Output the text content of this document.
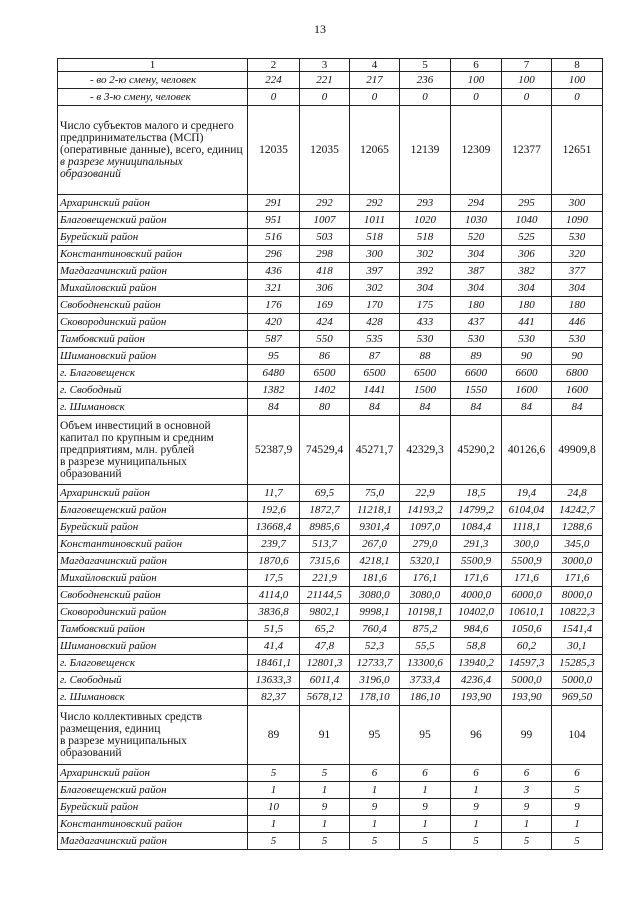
13
1	2	3	4	5	6	7	8
- во 2-ю смену, человек	224	221	217	236	100	100	100
- в 3-ю смену, человек	0	0	0	0	0	0	0
Число субъектов малого и среднего предпринимательства (МСП) (оперативные данные), всего, единиц
в разрезе муниципальных образований	12035	12035	12065	12139	12309	12377	12651
Архаринский район	291	292	292	293	294	295	300
Благовещенский район	951	1007	1011	1020	1030	1040	1090
Бурейский район	516	503	518	518	520	525	530
Константиновский район	296	298	300	302	304	306	320
Магдагачинский район	436	418	397	392	387	382	377
Михайловский район	321	306	302	304	304	304	304
Свободненский район	176	169	170	175	180	180	180
Сковородинский район	420	424	428	433	437	441	446
Тамбовский район	587	550	535	530	530	530	530
Шимановский район	95	86	87	88	89	90	90
г. Благовещенск	6480	6500	6500	6500	6600	6600	6800
г. Свободный	1382	1402	1441	1500	1550	1600	1600
г. Шимановск	84	80	84	84	84	84	84
Объем инвестиций в основной капитал по крупным и средним предприятиям, млн. рублей
в разрезе муниципальных образований	52387,9	74529,4	45271,7	42329,3	45290,2	40126,6	49909,8
Архаринский район	11,7	69,5	75,0	22,9	18,5	19,4	24,8
Благовещенский район	192,6	1872,7	11218,1	14193,2	14799,2	6104,04	14242,7
Бурейский район	13668,4	8985,6	9301,4	1097,0	1084,4	1118,1	1288,6
Константиновский район	239,7	513,7	267,0	279,0	291,3	300,0	345,0
Магдагачинский район	1870,6	7315,6	4218,1	5320,1	5500,9	5500,9	3000,0
Михайловский район	17,5	221,9	181,6	176,1	171,6	171,6	171,6
Свободненский район	4114,0	21144,5	3080,0	3080,0	4000,0	6000,0	8000,0
Сковородинский район	3836,8	9802,1	9998,1	10198,1	10402,0	10610,1	10822,3
Тамбовский район	51,5	65,2	760,4	875,2	984,6	1050,6	1541,4
Шимановский район	41,4	47,8	52,3	55,5	58,8	60,2	30,1
г. Благовещенск	18461,1	12801,3	12733,7	13300,6	13940,2	14597,3	15285,3
г. Свободный	13633,3	6011,4	3196,0	3733,4	4236,4	5000,0	5000,0
г. Шимановск	82,37	5678,12	178,10	186,10	193,90	193,90	969,50
Число коллективных средств размещения, единиц
в разрезе муниципальных образований	89	91	95	95	96	99	104
Архаринский район	5	5	6	6	6	6	6
Благовещенский район	1	1	1	1	1	3	5
Бурейский район	10	9	9	9	9	9	9
Константиновский район	1	1	1	1	1	1	1
Магдагачинский район	5	5	5	5	5	5	5
